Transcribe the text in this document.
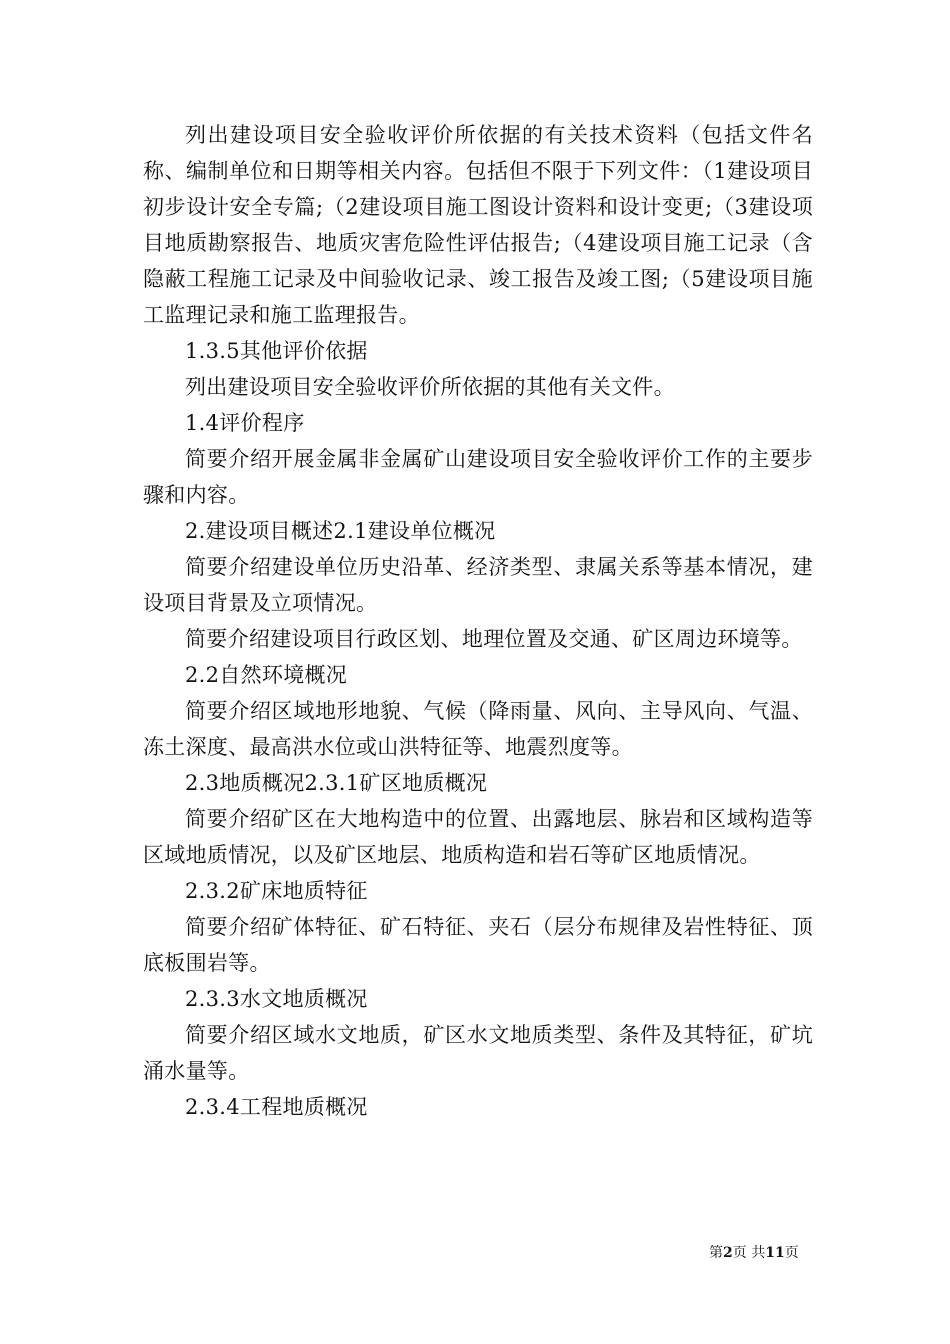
列出建设项目安全验收评价所依据的有关技术资料（包括文件名称、编制单位和日期等相关内容。包括但不限于下列文件：（1建设项目初步设计安全专篇;（2建设项目施工图设计资料和设计变更;（3建设项目地质勘察报告、地质灾害危险性评估报告;（4建设项目施工记录（含隐蔽工程施工记录及中间验收记录、竣工报告及竣工图;（5建设项目施工监理记录和施工监理报告。

1.3.5其他评价依据

列出建设项目安全验收评价所依据的其他有关文件。

1.4评价程序

简要介绍开展金属非金属矿山建设项目安全验收评价工作的主要步骤和内容。

2.建设项目概述2.1建设单位概况

简要介绍建设单位历史沿革、经济类型、隶属关系等基本情况，建设项目背景及立项情况。

简要介绍建设项目行政区划、地理位置及交通、矿区周边环境等。

2.2自然环境概况

简要介绍区域地形地貌、气候（降雨量、风向、主导风向、气温、冻土深度、最高洪水位或山洪特征等、地震烈度等。

2.3地质概况2.3.1矿区地质概况

简要介绍矿区在大地构造中的位置、出露地层、脉岩和区域构造等区域地质情况，以及矿区地层、地质构造和岩石等矿区地质情况。

2.3.2矿床地质特征

简要介绍矿体特征、矿石特征、夹石（层分布规律及岩性特征、顶底板围岩等。

2.3.3水文地质概况

简要介绍区域水文地质，矿区水文地质类型、条件及其特征，矿坑涌水量等。

2.3.4工程地质概况

第2页 共11页
